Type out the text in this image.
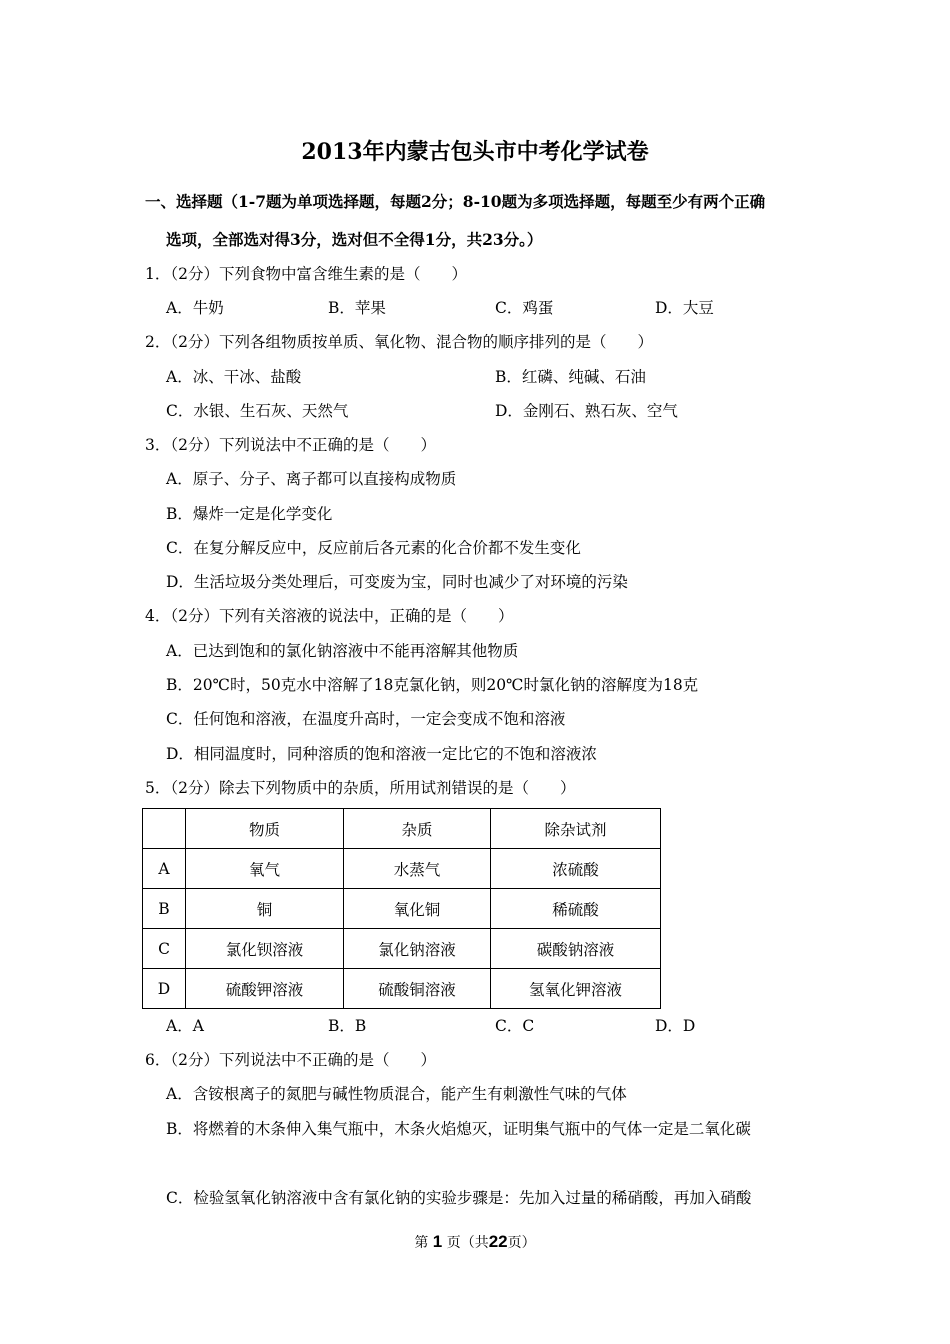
2013年内蒙古包头市中考化学试卷
一、选择题（1-7题为单项选择题，每题2分；8-10题为多项选择题，每题至少有两个正确
选项，全部选对得3分，选对但不全得1分，共23分。）
1．（2分）下列食物中富含维生素的是（　　）
A．牛奶	B．苹果	C．鸡蛋	D．大豆
2．（2分）下列各组物质按单质、氧化物、混合物的顺序排列的是（　　）
A．冰、干冰、盐酸	B．红磷、纯碱、石油
C．水银、生石灰、天然气	D．金刚石、熟石灰、空气
3．（2分）下列说法中不正确的是（　　）
A．原子、分子、离子都可以直接构成物质
B．爆炸一定是化学变化
C．在复分解反应中，反应前后各元素的化合价都不发生变化
D．生活垃圾分类处理后，可变废为宝，同时也减少了对环境的污染
4．（2分）下列有关溶液的说法中，正确的是（　　）
A．已达到饱和的氯化钠溶液中不能再溶解其他物质
B．20℃时，50克水中溶解了18克氯化钠，则20℃时氯化钠的溶解度为18克
C．任何饱和溶液，在温度升高时，一定会变成不饱和溶液
D．相同温度时，同种溶质的饱和溶液一定比它的不饱和溶液浓
5．（2分）除去下列物质中的杂质，所用试剂错误的是（　　）
	物质	杂质	除杂试剂
A	氧气	水蒸气	浓硫酸
B	铜	氧化铜	稀硫酸
C	氯化钡溶液	氯化钠溶液	碳酸钠溶液
D	硫酸钾溶液	硫酸铜溶液	氢氧化钾溶液
A．A	B．B	C．C	D．D
6．（2分）下列说法中不正确的是（　　）
A．含铵根离子的氮肥与碱性物质混合，能产生有刺激性气味的气体
B．将燃着的木条伸入集气瓶中，木条火焰熄灭，证明集气瓶中的气体一定是二氧化碳
C．检验氢氧化钠溶液中含有氯化钠的实验步骤是：先加入过量的稀硝酸，再加入硝酸
第 1 页（共22页）
